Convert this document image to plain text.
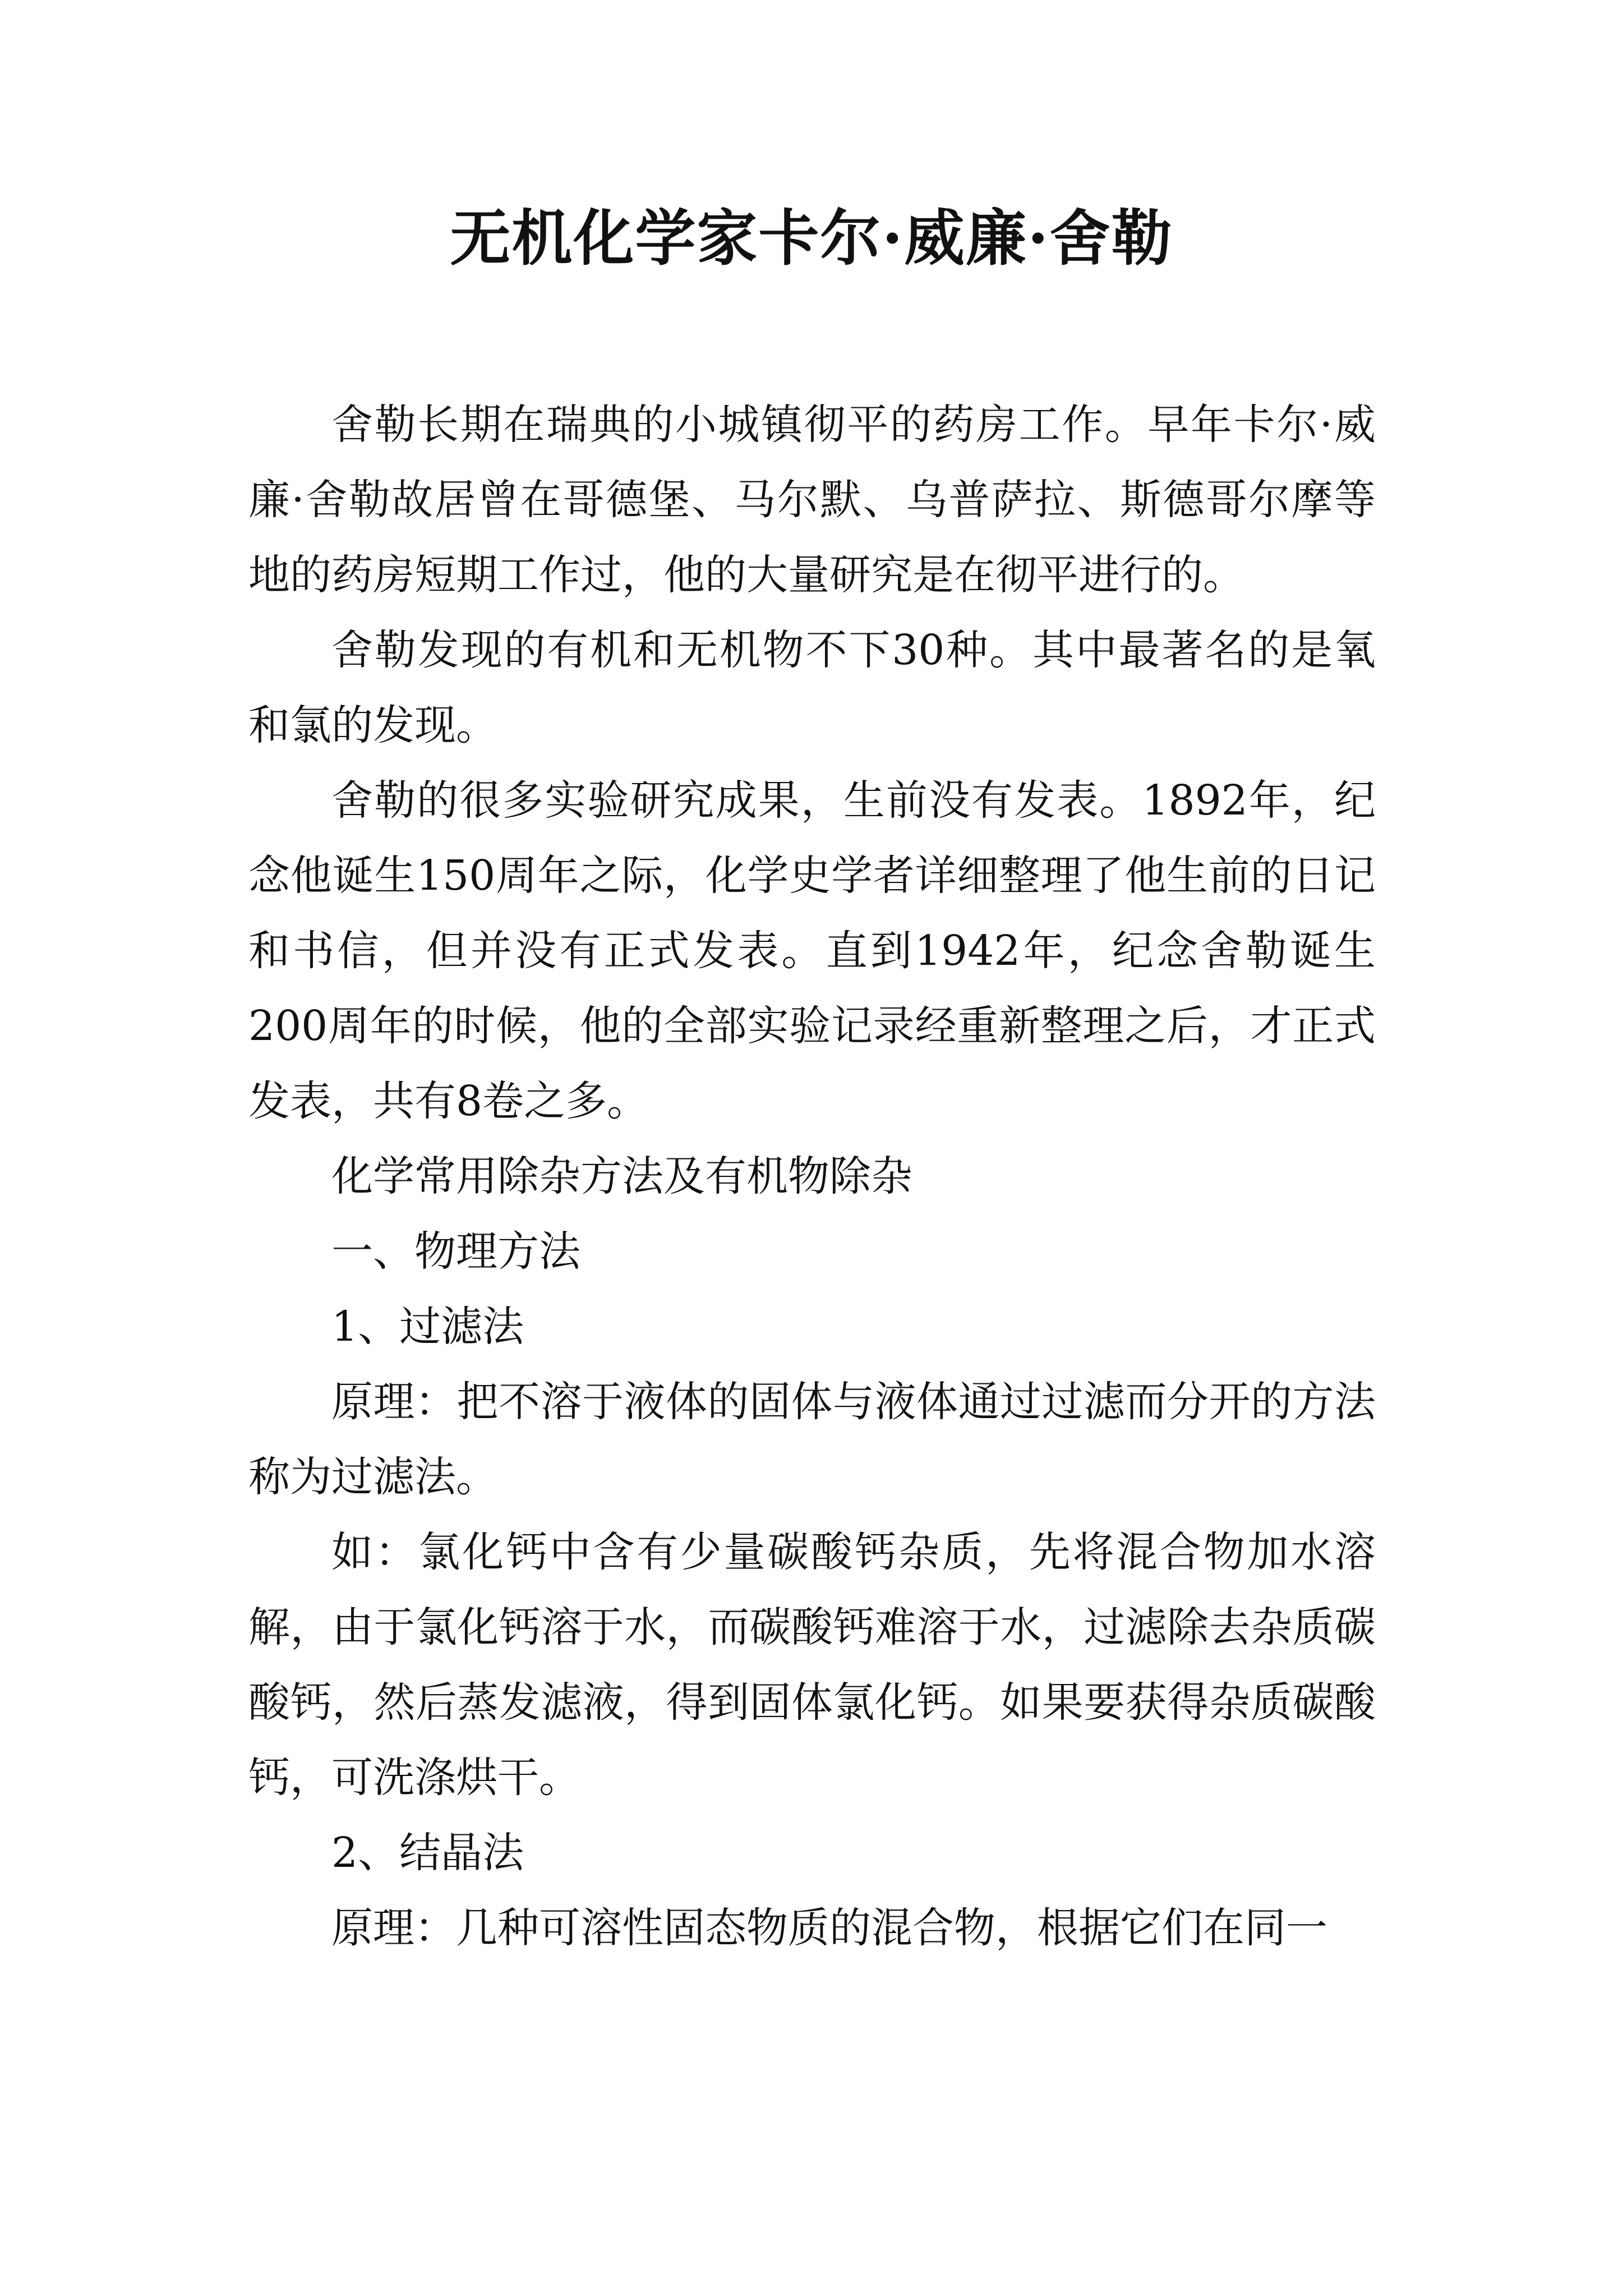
无机化学家卡尔·威廉·舍勒

舍勒长期在瑞典的小城镇彻平的药房工作。早年卡尔·威廉·舍勒故居曾在哥德堡、马尔默、乌普萨拉、斯德哥尔摩等地的药房短期工作过，他的大量研究是在彻平进行的。

舍勒发现的有机和无机物不下30种。其中最著名的是氧和氯的发现。

舍勒的很多实验研究成果，生前没有发表。1892年，纪念他诞生150周年之际，化学史学者详细整理了他生前的日记和书信，但并没有正式发表。直到1942年，纪念舍勒诞生200周年的时候，他的全部实验记录经重新整理之后，才正式发表，共有8卷之多。

化学常用除杂方法及有机物除杂

一、物理方法

1、过滤法

原理：把不溶于液体的固体与液体通过过滤而分开的方法称为过滤法。

如：氯化钙中含有少量碳酸钙杂质，先将混合物加水溶解，由于氯化钙溶于水，而碳酸钙难溶于水，过滤除去杂质碳酸钙，然后蒸发滤液，得到固体氯化钙。如果要获得杂质碳酸钙，可洗涤烘干。

2、结晶法

原理：几种可溶性固态物质的混合物，根据它们在同一
